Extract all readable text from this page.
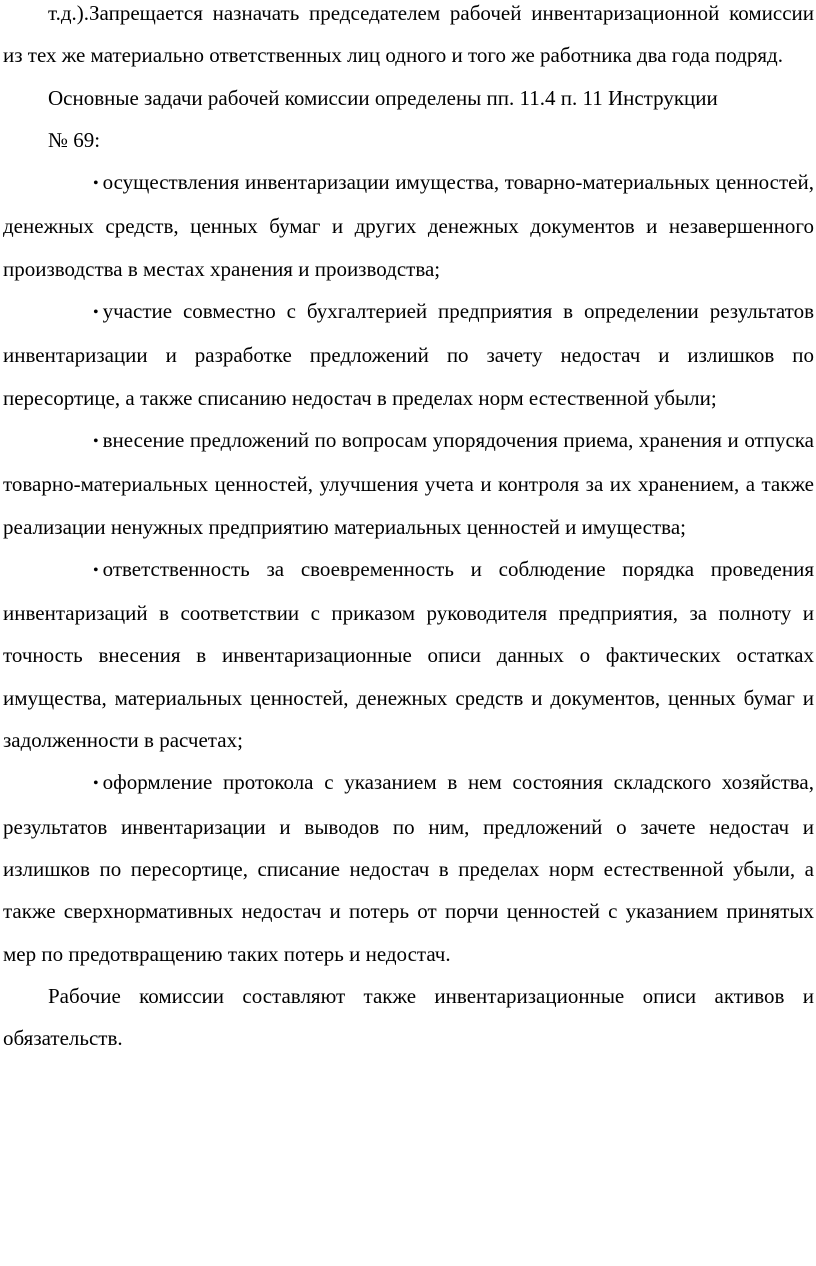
т.д.).Запрещается назначать председателем рабочей инвентаризационной комиссии из тех же материально ответственных лиц одного и того же работника два года подряд.

Основные задачи рабочей комиссии определены пп. 11.4 п. 11 Инструкции

№ 69:

• осуществления инвентаризации имущества, товарно-материальных ценностей, денежных средств, ценных бумаг и других денежных документов и незавершенного производства в местах хранения и производства;

• участие совместно с бухгалтерией предприятия в определении результатов инвентаризации и разработке предложений по зачету недостач и излишков по пересортице, а также списанию недостач в пределах норм естественной убыли;

• внесение предложений по вопросам упорядочения приема, хранения и отпуска товарно-материальных ценностей, улучшения учета и контроля за их хранением, а также реализации ненужных предприятию материальных ценностей и имущества;

• ответственность за своевременность и соблюдение порядка проведения инвентаризаций в соответствии с приказом руководителя предприятия, за полноту и точность внесения в инвентаризационные описи данных о фактических остатках имущества, материальных ценностей, денежных средств и документов, ценных бумаг и задолженности в расчетах;

• оформление протокола с указанием в нем состояния складского хозяйства, результатов инвентаризации и выводов по ним, предложений о зачете недостач и излишков по пересортице, списание недостач в пределах норм естественной убыли, а также сверхнормативных недостач и потерь от порчи ценностей с указанием принятых мер по предотвращению таких потерь и недостач.

Рабочие комиссии составляют также инвентаризационные описи активов и обязательств.
